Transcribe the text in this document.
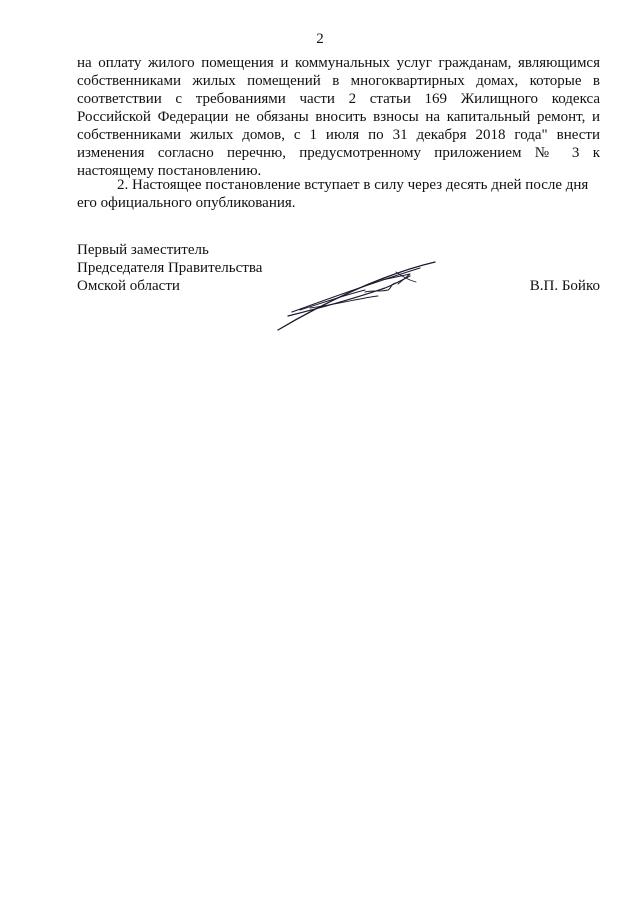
2
на оплату жилого помещения и коммунальных услуг гражданам, являющимся
собственниками жилых помещений в многоквартирных домах, которые в
соответствии с требованиями части 2 статьи 169 Жилищного кодекса
Российской Федерации не обязаны вносить взносы на капитальный ремонт, и
собственниками жилых домов, с 1 июля по 31 декабря 2018 года" внести
изменения согласно перечню, предусмотренному приложением № 3 к
настоящему постановлению.
2. Настоящее постановление вступает в силу через десять дней после дня
его официального опубликования.
Первый заместитель
Председателя Правительства
Омской области	В.П. Бойко
